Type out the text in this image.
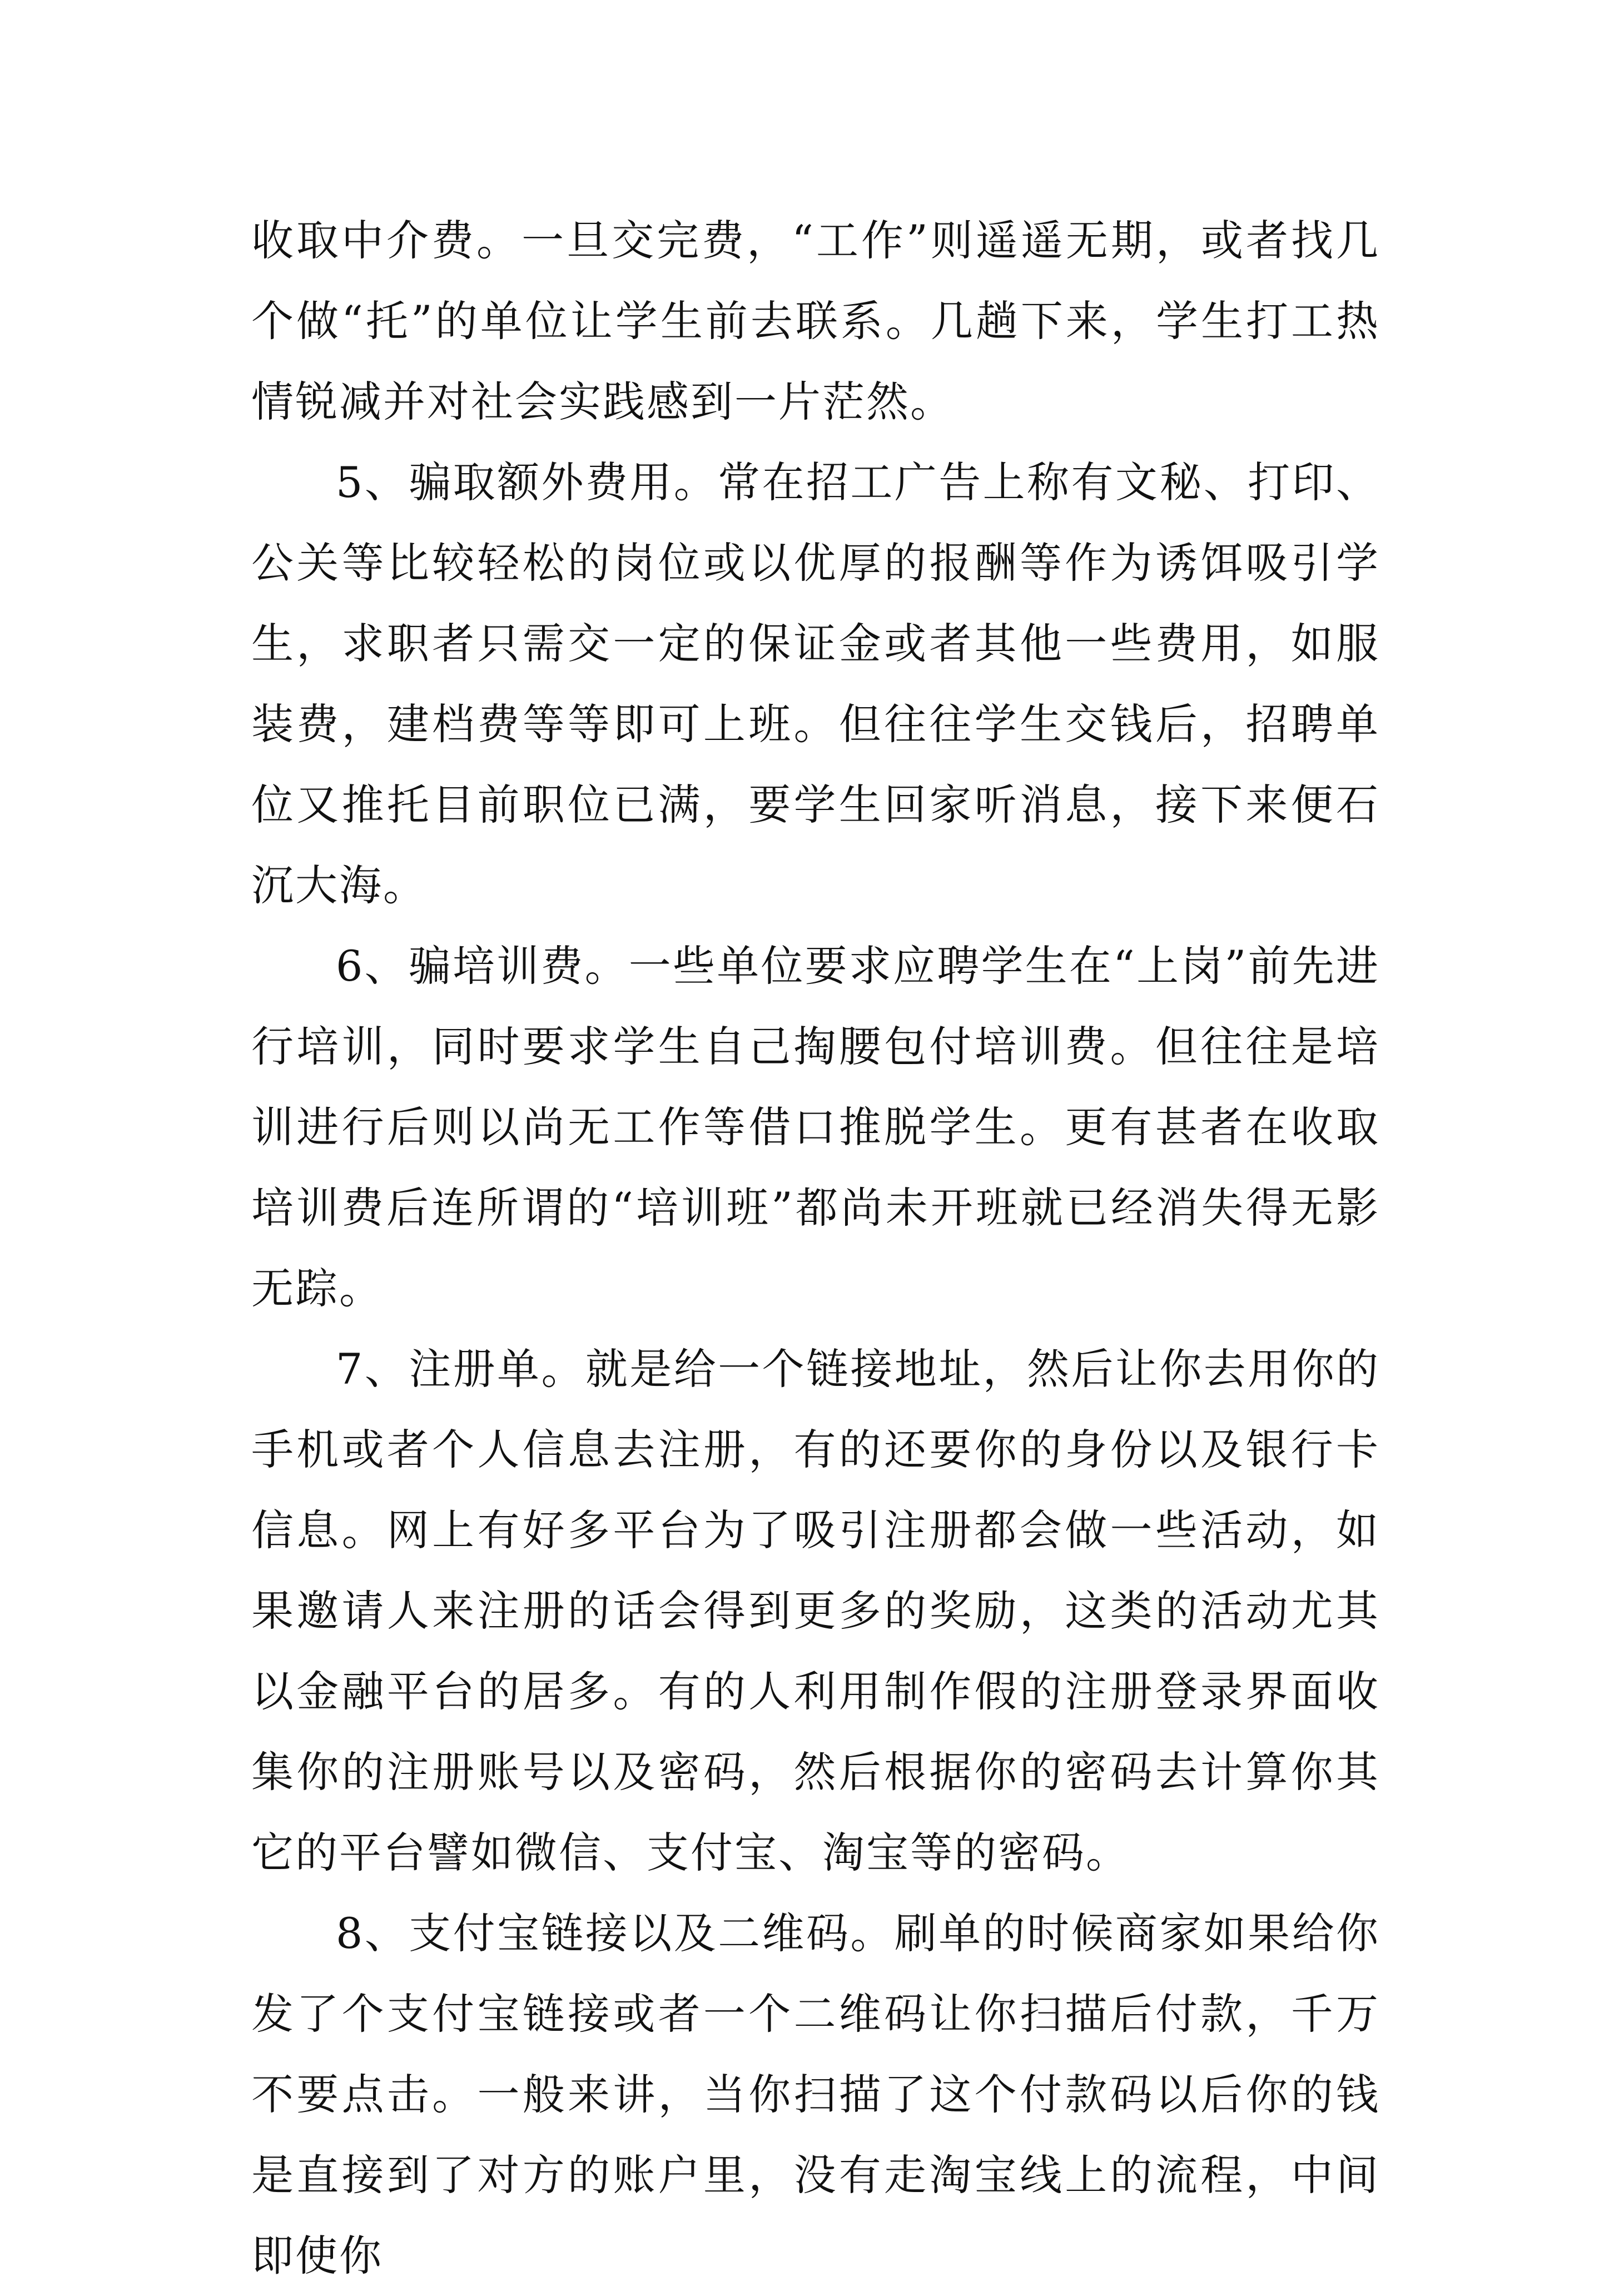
收取中介费。一旦交完费，“工作”则遥遥无期，或者找几个做“托”的单位让学生前去联系。几趟下来，学生打工热情锐减并对社会实践感到一片茫然。

5、骗取额外费用。常在招工广告上称有文秘、打印、公关等比较轻松的岗位或以优厚的报酬等作为诱饵吸引学生，求职者只需交一定的保证金或者其他一些费用，如服装费，建档费等等即可上班。但往往学生交钱后，招聘单位又推托目前职位已满，要学生回家听消息，接下来便石沉大海。

6、骗培训费。一些单位要求应聘学生在“上岗”前先进行培训，同时要求学生自己掏腰包付培训费。但往往是培训进行后则以尚无工作等借口推脱学生。更有甚者在收取培训费后连所谓的“培训班”都尚未开班就已经消失得无影无踪。

7、注册单。就是给一个链接地址，然后让你去用你的手机或者个人信息去注册，有的还要你的身份以及银行卡信息。网上有好多平台为了吸引注册都会做一些活动，如果邀请人来注册的话会得到更多的奖励，这类的活动尤其以金融平台的居多。有的人利用制作假的注册登录界面收集你的注册账号以及密码，然后根据你的密码去计算你其它的平台譬如微信、支付宝、淘宝等的密码。

8、支付宝链接以及二维码。刷单的时候商家如果给你发了个支付宝链接或者一个二维码让你扫描后付款，千万不要点击。一般来讲，当你扫描了这个付款码以后你的钱是直接到了对方的账户里，没有走淘宝线上的流程，中间即使你
